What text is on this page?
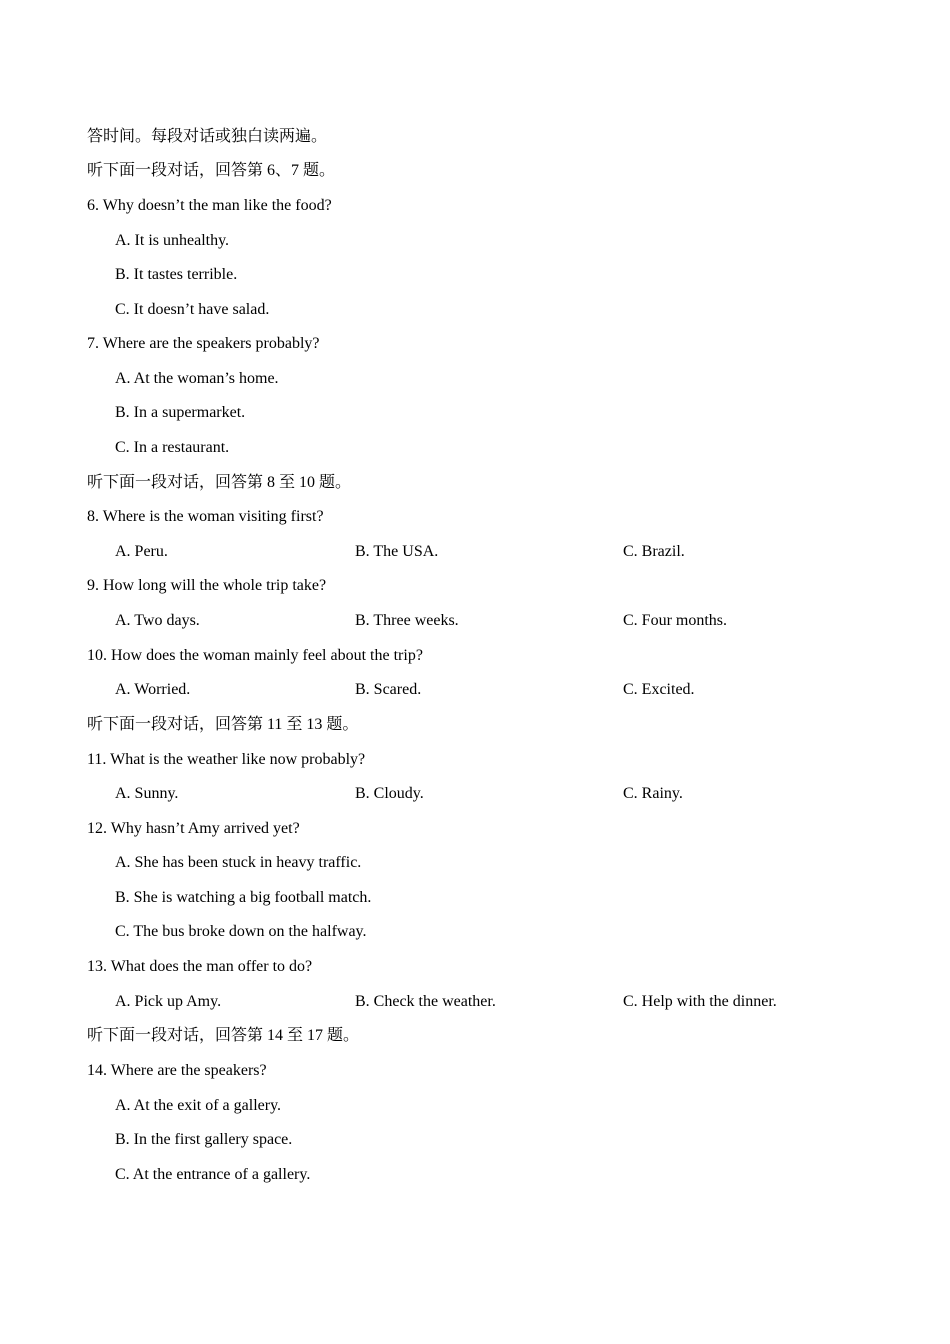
答时间。每段对话或独白读两遍。
听下面一段对话，回答第 6、7 题。
6. Why doesn’t the man like the food?
A. It is unhealthy.
B. It tastes terrible.
C. It doesn’t have salad.
7. Where are the speakers probably?
A. At the woman’s home.
B. In a supermarket.
C. In a restaurant.
听下面一段对话，回答第 8 至 10 题。
8. Where is the woman visiting first?
A. Peru.	B. The USA.	C. Brazil.
9. How long will the whole trip take?
A. Two days.	B. Three weeks.	C. Four months.
10. How does the woman mainly feel about the trip?
A. Worried.	B. Scared.	C. Excited.
听下面一段对话，回答第 11 至 13 题。
11. What is the weather like now probably?
A. Sunny.	B. Cloudy.	C. Rainy.
12. Why hasn’t Amy arrived yet?
A. She has been stuck in heavy traffic.
B. She is watching a big football match.
C. The bus broke down on the halfway.
13. What does the man offer to do?
A. Pick up Amy.	B. Check the weather.	C. Help with the dinner.
听下面一段对话，回答第 14 至 17 题。
14. Where are the speakers?
A. At the exit of a gallery.
B. In the first gallery space.
C. At the entrance of a gallery.
